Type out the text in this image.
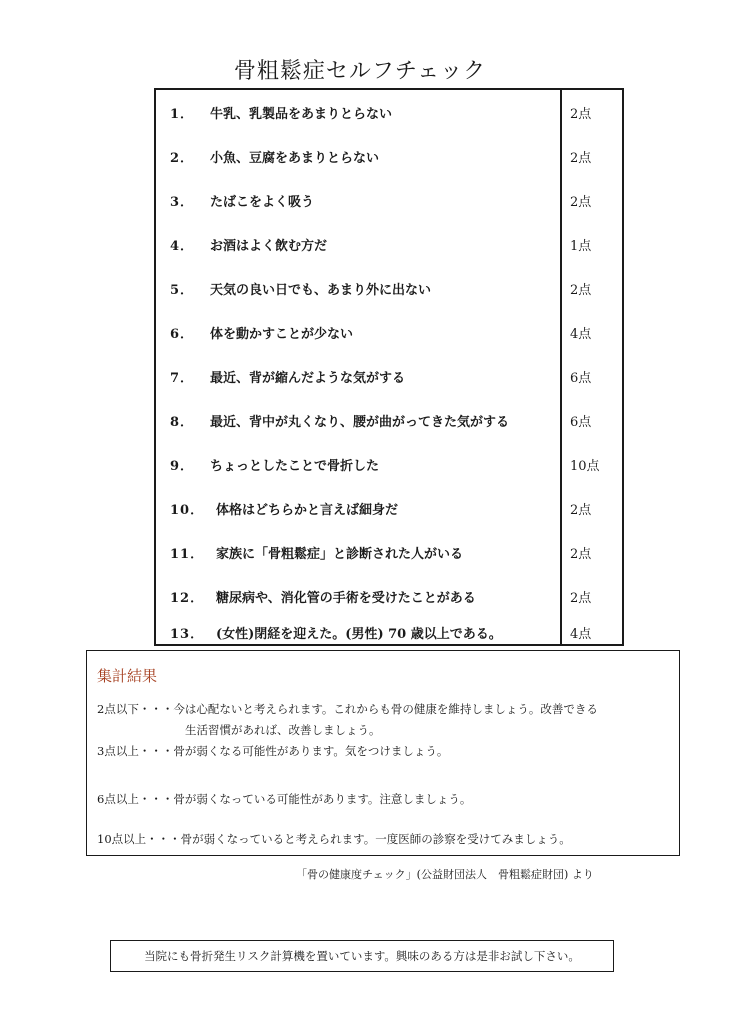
骨粗鬆症セルフチェック
1． 牛乳、乳製品をあまりとらない	2点
2． 小魚、豆腐をあまりとらない	2点
3． たばこをよく吸う	2点
4． お酒はよく飲む方だ	1点
5． 天気の良い日でも、あまり外に出ない	2点
6． 体を動かすことが少ない	4点
7． 最近、背が縮んだような気がする	6点
8． 最近、背中が丸くなり、腰が曲がってきた気がする	6点
9． ちょっとしたことで骨折した	10点
10． 体格はどちらかと言えば細身だ	2点
11． 家族に「骨粗鬆症」と診断された人がいる	2点
12． 糖尿病や、消化管の手術を受けたことがある	2点
13． (女性)閉経を迎えた。(男性) 70 歳以上である。	4点
集計結果
2点以下・・・今は心配ないと考えられます。これからも骨の健康を維持しましょう。改善できる
生活習慣があれば、改善しましょう。
3点以上・・・骨が弱くなる可能性があります。気をつけましょう。
6点以上・・・骨が弱くなっている可能性があります。注意しましょう。
10点以上・・・骨が弱くなっていると考えられます。一度医師の診察を受けてみましょう。
「骨の健康度チェック」(公益財団法人　骨粗鬆症財団) より
当院にも骨折発生リスク計算機を置いています。興味のある方は是非お試し下さい。
